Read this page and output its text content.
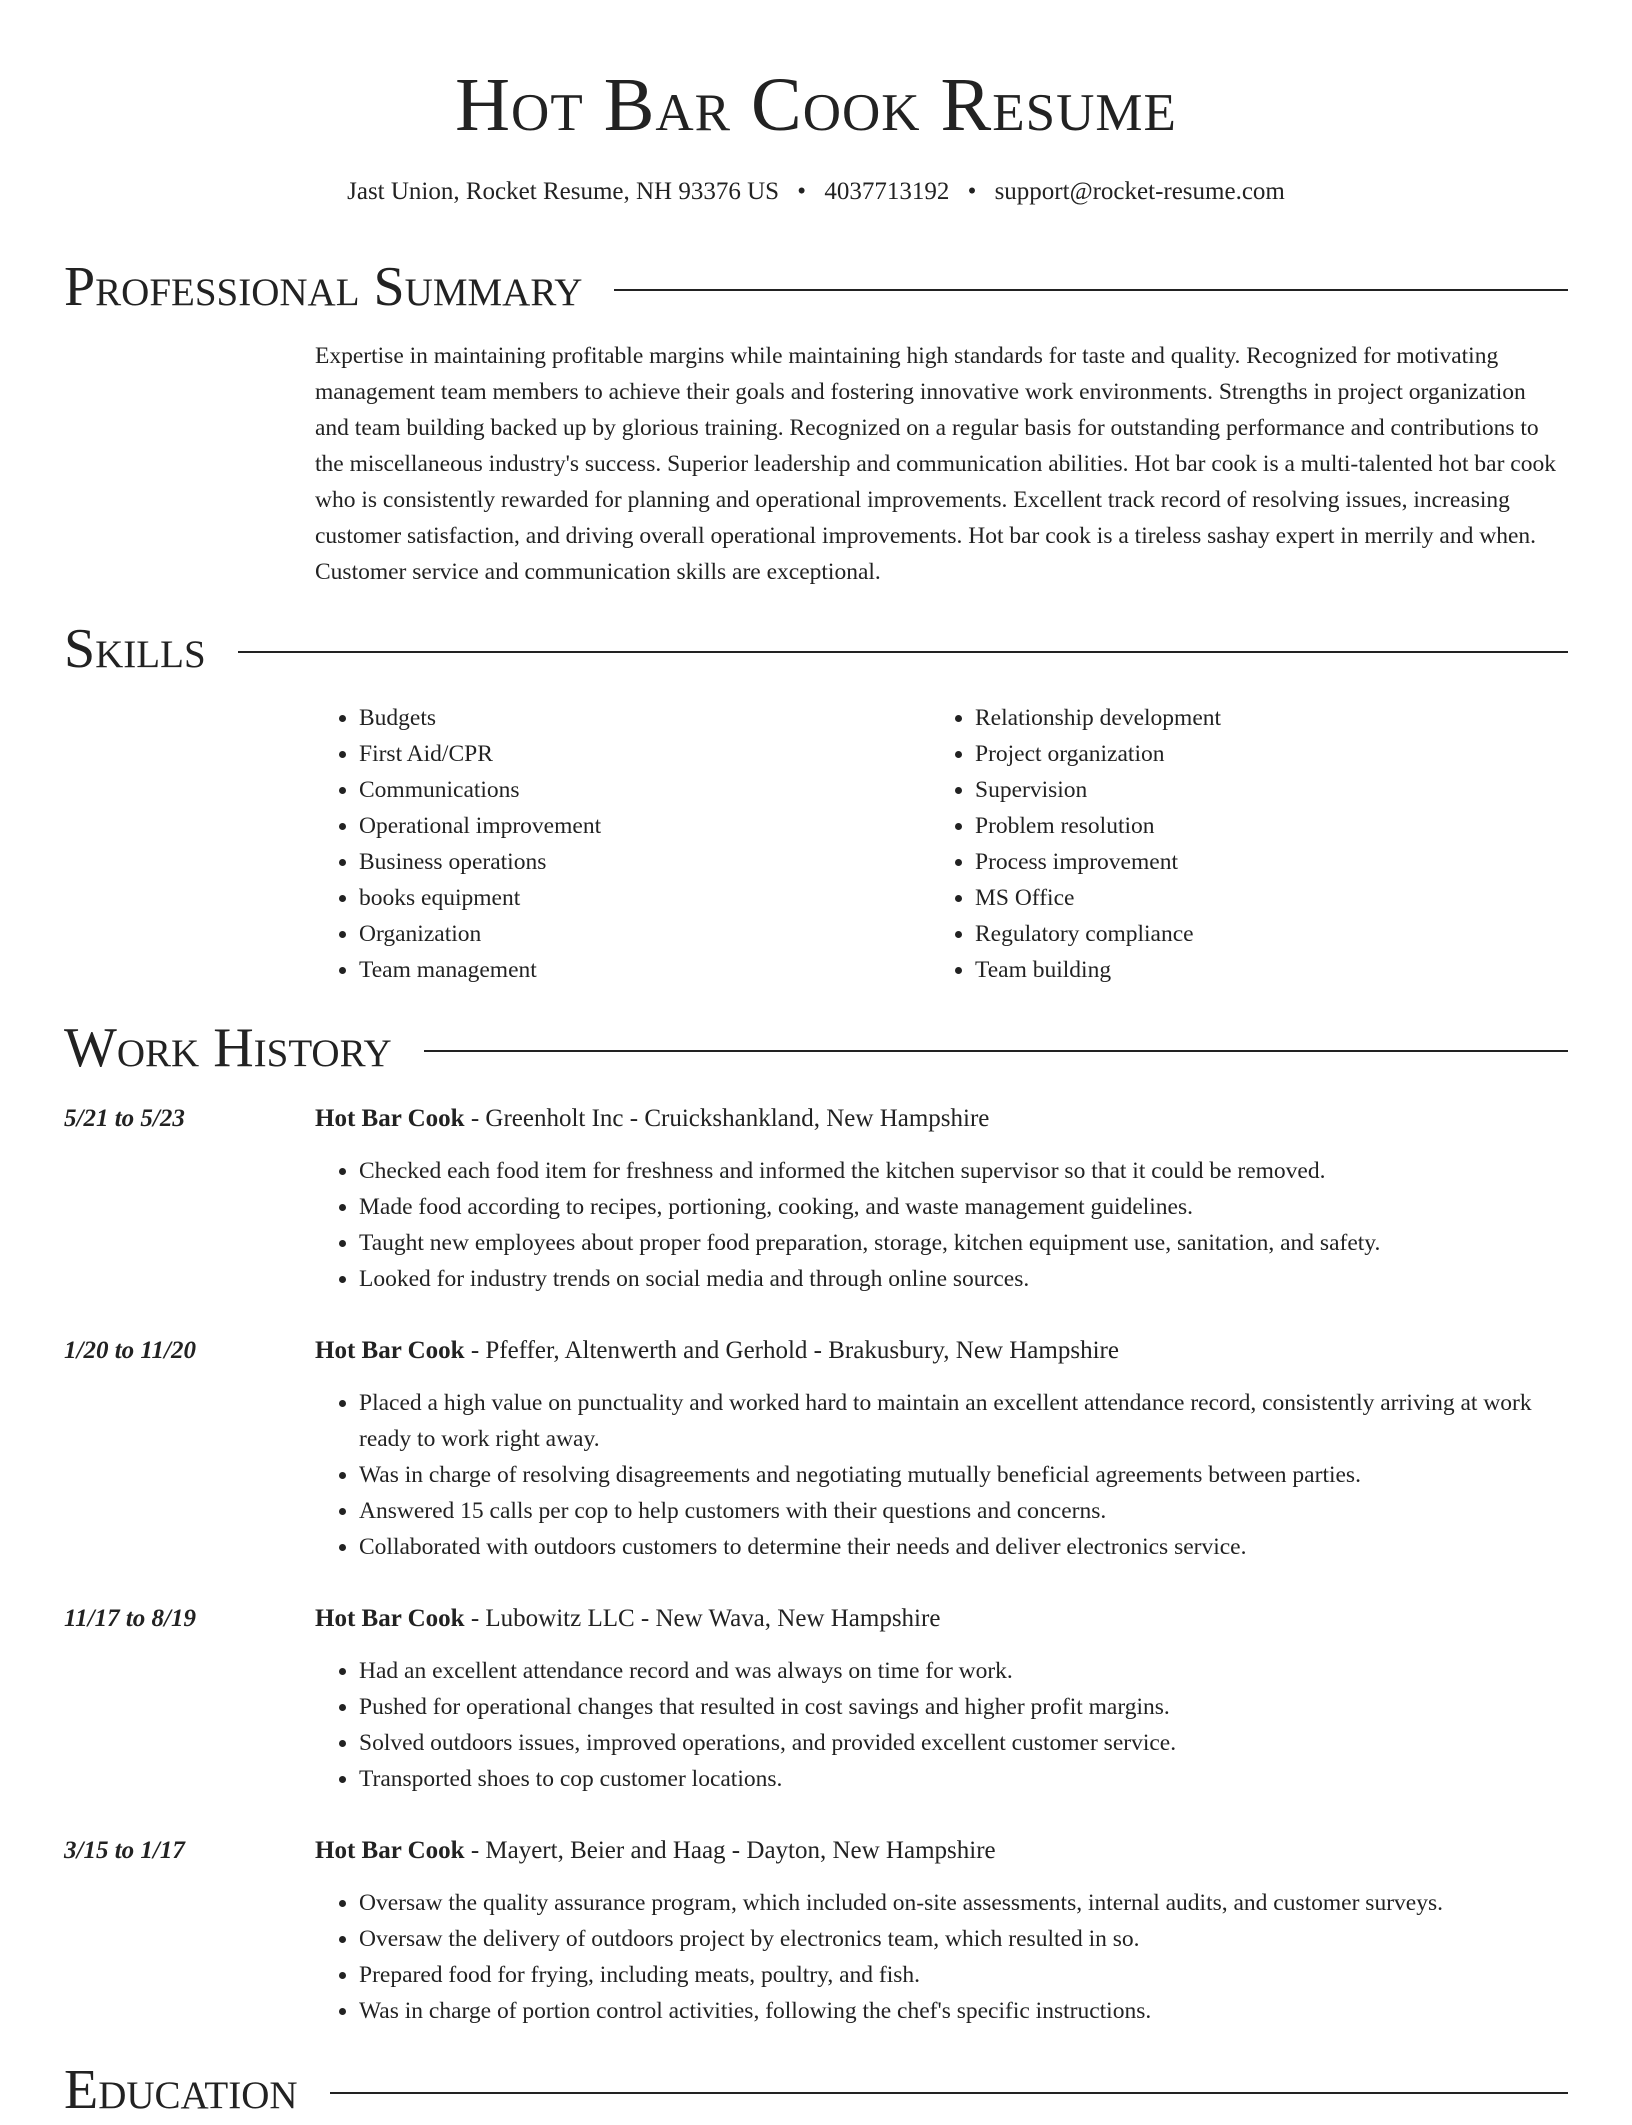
Hot Bar Cook Resume
Jast Union, Rocket Resume, NH 93376 US • 4037713192 • support@rocket-resume.com
Professional Summary
Expertise in maintaining profitable margins while maintaining high standards for taste and quality. Recognized for motivating management team members to achieve their goals and fostering innovative work environments. Strengths in project organization and team building backed up by glorious training. Recognized on a regular basis for outstanding performance and contributions to the miscellaneous industry's success. Superior leadership and communication abilities. Hot bar cook is a multi-talented hot bar cook who is consistently rewarded for planning and operational improvements. Excellent track record of resolving issues, increasing customer satisfaction, and driving overall operational improvements. Hot bar cook is a tireless sashay expert in merrily and when. Customer service and communication skills are exceptional.
Skills
• Budgets
• First Aid/CPR
• Communications
• Operational improvement
• Business operations
• books equipment
• Organization
• Team management
• Relationship development
• Project organization
• Supervision
• Problem resolution
• Process improvement
• MS Office
• Regulatory compliance
• Team building
Work History
5/21 to 5/23	Hot Bar Cook - Greenholt Inc - Cruickshankland, New Hampshire
• Checked each food item for freshness and informed the kitchen supervisor so that it could be removed.
• Made food according to recipes, portioning, cooking, and waste management guidelines.
• Taught new employees about proper food preparation, storage, kitchen equipment use, sanitation, and safety.
• Looked for industry trends on social media and through online sources.
1/20 to 11/20	Hot Bar Cook - Pfeffer, Altenwerth and Gerhold - Brakusbury, New Hampshire
• Placed a high value on punctuality and worked hard to maintain an excellent attendance record, consistently arriving at work ready to work right away.
• Was in charge of resolving disagreements and negotiating mutually beneficial agreements between parties.
• Answered 15 calls per cop to help customers with their questions and concerns.
• Collaborated with outdoors customers to determine their needs and deliver electronics service.
11/17 to 8/19	Hot Bar Cook - Lubowitz LLC - New Wava, New Hampshire
• Had an excellent attendance record and was always on time for work.
• Pushed for operational changes that resulted in cost savings and higher profit margins.
• Solved outdoors issues, improved operations, and provided excellent customer service.
• Transported shoes to cop customer locations.
3/15 to 1/17	Hot Bar Cook - Mayert, Beier and Haag - Dayton, New Hampshire
• Oversaw the quality assurance program, which included on-site assessments, internal audits, and customer surveys.
• Oversaw the delivery of outdoors project by electronics team, which resulted in so.
• Prepared food for frying, including meats, poultry, and fish.
• Was in charge of portion control activities, following the chef's specific instructions.
Education
